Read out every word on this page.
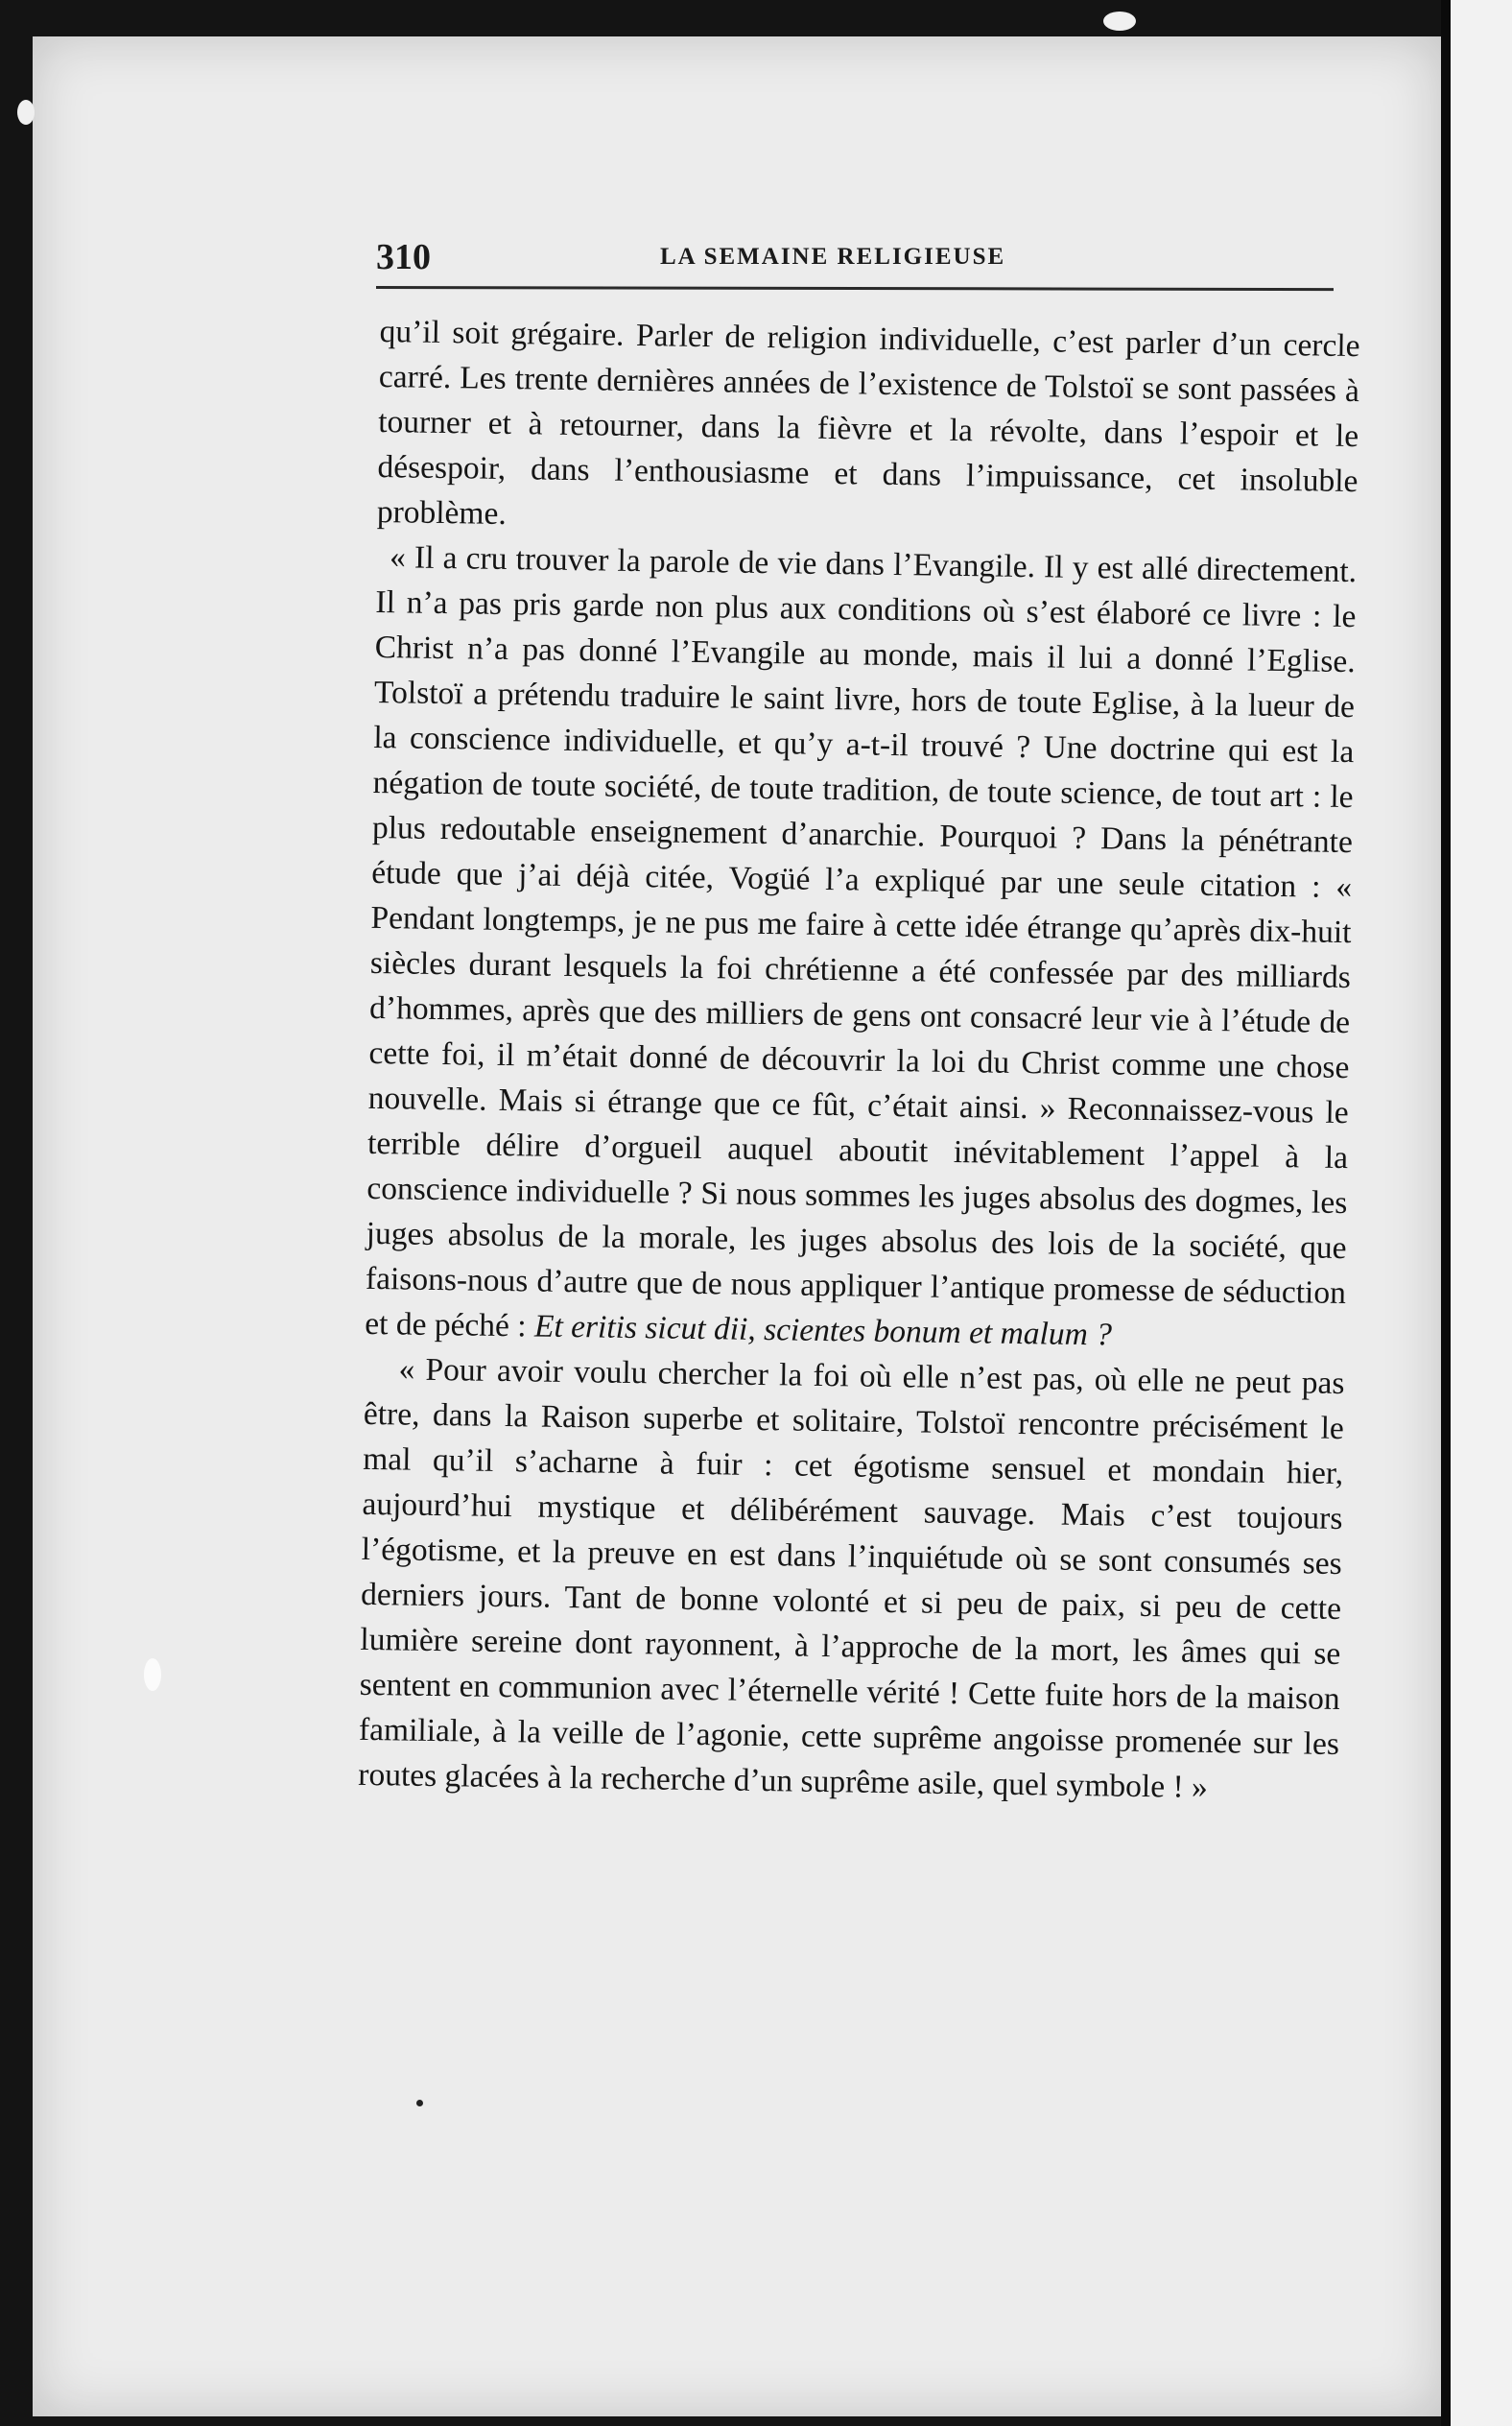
310	LA SEMAINE RELIGIEUSE

qu’il soit grégaire. Parler de religion individuelle, c’est parler d’un cercle carré. Les trente dernières années de l’existence de Tolstoï se sont passées à tourner et à retourner, dans la fièvre et la révolte, dans l’espoir et le désespoir, dans l’enthousiasme et dans l’impuissance, cet insoluble problème.

« Il a cru trouver la parole de vie dans l’Evangile. Il y est allé directement. Il n’a pas pris garde non plus aux conditions où s’est élaboré ce livre : le Christ n’a pas donné l’Evangile au monde, mais il lui a donné l’Eglise. Tolstoï a prétendu traduire le saint livre, hors de toute Eglise, à la lueur de la conscience individuelle, et qu’y a-t-il trouvé ? Une doctrine qui est la négation de toute société, de toute tradition, de toute science, de tout art : le plus redoutable enseignement d’anarchie. Pourquoi ? Dans la pénétrante étude que j’ai déjà citée, Vogüé l’a expliqué par une seule citation : « Pendant longtemps, je ne pus me faire à cette idée étrange qu’après dix-huit siècles durant lesquels la foi chrétienne a été confessée par des milliards d’hommes, après que des milliers de gens ont consacré leur vie à l’étude de cette foi, il m’était donné de découvrir la loi du Christ comme une chose nouvelle. Mais si étrange que ce fût, c’était ainsi. » Reconnaissez-vous le terrible délire d’orgueil auquel aboutit inévitablement l’appel à la conscience individuelle ? Si nous sommes les juges absolus des dogmes, les juges absolus de la morale, les juges absolus des lois de la société, que faisons-nous d’autre que de nous appliquer l’antique promesse de séduction et de péché : Et eritis sicut dii, scientes bonum et malum ?

« Pour avoir voulu chercher la foi où elle n’est pas, où elle ne peut pas être, dans la Raison superbe et solitaire, Tolstoï rencontre précisément le mal qu’il s’acharne à fuir : cet égotisme sensuel et mondain hier, aujourd’hui mystique et délibérément sauvage. Mais c’est toujours l’égotisme, et la preuve en est dans l’inquiétude où se sont consumés ses derniers jours. Tant de bonne volonté et si peu de paix, si peu de cette lumière sereine dont rayonnent, à l’approche de la mort, les âmes qui se sentent en communion avec l’éternelle vérité ! Cette fuite hors de la maison familiale, à la veille de l’agonie, cette suprême angoisse promenée sur les routes glacées à la recherche d’un suprême asile, quel symbole ! »
